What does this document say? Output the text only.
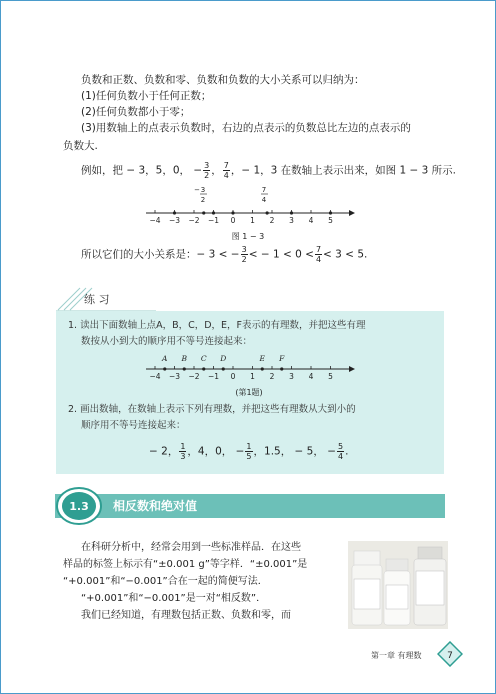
负数和正数、负数和零、负数和负数的大小关系可以归纳为：
(1)任何负数小于任何正数；
(2)任何负数都小于零；
(3)用数轴上的点表示负数时，右边的点表示的负数总比左边的点表示的
负数大.
例如，把 − 3，5，0， − $\frac{3}{2}$ ， $\frac{7}{4}$ ，− 1，3 在数轴上表示出来，如图 1 − 3 所示.
−4 −3 −2 −1 0 1 2 3 4 5
3
−
2
7
4
图 1 − 3
所以它们的大小关系是：− 3 < − $\frac{3}{2}$ < − $1 < 0 < \frac{7}{4} < 3 < 5$.
练 习
1. 读出下面数轴上点A，B，C，D，E，F表示的有理数，并把这些有理
数按从小到大的顺序用不等号连接起来：
−4 −3 −2 −1 0 1 2 3 4 5
A B C D	E F
(第1题)
2. 画出数轴，在数轴上表示下列有理数，并把这些有理数从大到小的
顺序用不等号连接起来：
− 2， $\frac{1}{3}$ ，4，0， − $\frac{1}{5}$ ，1.5， − 5， − $\frac{5}{4}$ .
1.3 相反数和绝对值
在科研分析中，经常会用到一些标准样品．在这些
样品的标签上标示有“±0.001 g”等字样．“±0.001”是
“+0.001”和“−0.001”合在一起的简便写法．
“+0.001”和“−0.001”是一对“相反数”．
我们已经知道，有理数包括正数、负数和零，而
第一章 有理数	7
